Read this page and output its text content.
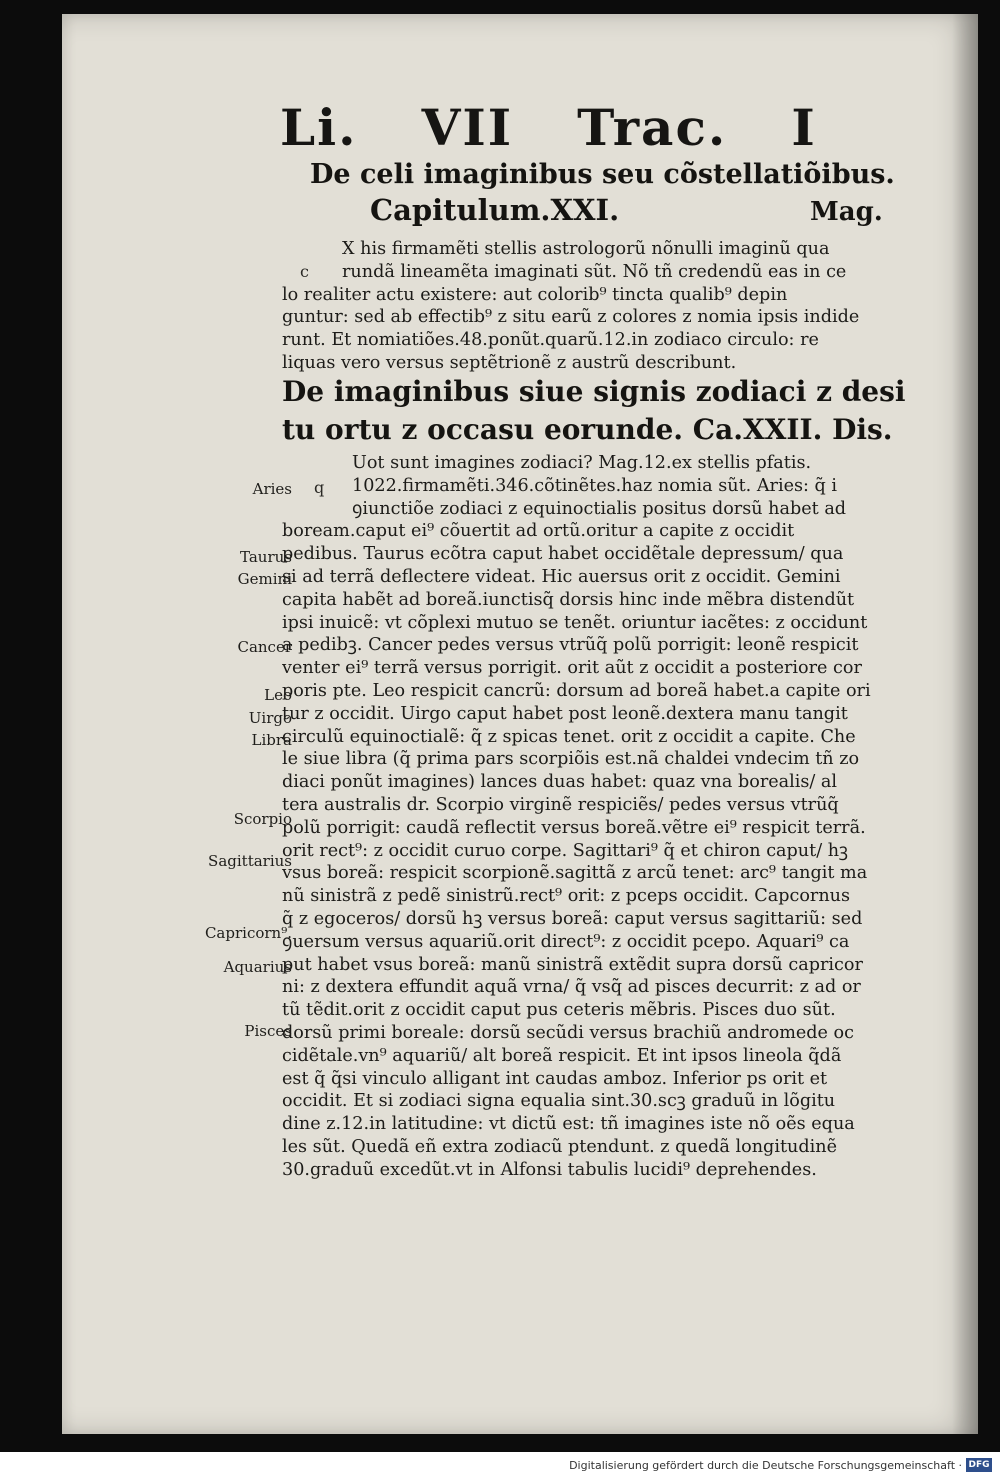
Li. VII Trac. I
De celi imaginibus seu cõstellatiõibus.
Capitulum.XXI.	Mag.
c
X his firmamẽti stellis astrologorũ nõnulli imaginũ qua
rundã lineamẽta imaginati sũt. Nõ tñ credendũ eas in ce
lo realiter actu existere: aut colorib⁹ tincta qualib⁹ depin
guntur: sed ab effectib⁹ z situ earũ z colores z nomia ipsis indide
runt. Et nomiatiões.48.ponũt.quarũ.12.in zodiaco circulo: re
liquas vero versus septẽtrionẽ z austrũ describunt.
De imaginibus siue signis zodiaci z desi
tu ortu z occasu eorunde. Ca.XXII. Dis.
q
Uot sunt imagines zodiaci? Mag.12.ex stellis pfatis.
1022.firmamẽti.346.cõtinẽtes.haz nomia sũt. Aries: q̃ i
ꝯiunctiõe zodiaci z equinoctialis positus dorsũ habet ad
boream.caput ei⁹ cõuertit ad ortũ.oritur a capite z occidit
pedibus. Taurus ecõtra caput habet occidẽtale depressum/ qua
si ad terrã deflectere videat. Hic auersus orit z occidit. Gemini
capita habẽt ad boreã.iunctisq̃ dorsis hinc inde mẽbra distendũt
ipsi inuicẽ: vt cõplexi mutuo se tenẽt. oriuntur iacẽtes: z occidunt
a pedibꝫ. Cancer pedes versus vtrũq̃ polũ porrigit: leonẽ respicit
venter ei⁹ terrã versus porrigit. orit aũt z occidit a posteriore cor
poris pte. Leo respicit cancrũ: dorsum ad boreã habet.a capite ori
tur z occidit. Uirgo caput habet post leonẽ.dextera manu tangit
circulũ equinoctialẽ: q̃ z spicas tenet. orit z occidit a capite. Che
le siue libra (q̃ prima pars scorpiõis est.nã chaldei vndecim tñ zo
diaci ponũt imagines) lances duas habet: quaz vna borealis/ al
tera australis dr. Scorpio virginẽ respiciẽs/ pedes versus vtrũq̃
polũ porrigit: caudã reflectit versus boreã.vẽtre ei⁹ respicit terrã.
orit rect⁹: z occidit curuo corpe. Sagittari⁹ q̃ et chiron caput/ hꝫ
vsus boreã: respicit scorpionẽ.sagittã z arcũ tenet: arc⁹ tangit ma
nũ sinistrã z pedẽ sinistrũ.rect⁹ orit: z pceps occidit. Capcornus
q̃ z egoceros/ dorsũ hꝫ versus boreã: caput versus sagittariũ: sed
ꝯuersum versus aquariũ.orit direct⁹: z occidit pcepo. Aquari⁹ ca
put habet vsus boreã: manũ sinistrã extẽdit supra dorsũ capricor
ni: z dextera effundit aquã vrna/ q̃ vsq̃ ad pisces decurrit: z ad or
tũ tẽdit.orit z occidit caput pus ceteris mẽbris. Pisces duo sũt.
dorsũ primi boreale: dorsũ secũdi versus brachiũ andromede oc
cidẽtale.vn⁹ aquariũ/ alt boreã respicit. Et int ipsos lineola q̃dã
est q̃ q̃si vinculo alligant int caudas amboz. Inferior ps orit et
occidit. Et si zodiaci signa equalia sint.30.scꝫ graduũ in lõgitu
dine z.12.in latitudine: vt dictũ est: tñ imagines iste nõ oẽs equa
les sũt. Quedã eñ extra zodiacũ ptendunt. z quedã longitudinẽ
30.graduũ excedũt.vt in Alfonsi tabulis lucidi⁹ deprehendes.
Aries
Taurus
Gemini
Cancer
Leo
Uirgo
Libra
Scorpio
Sagittarius
Capricorn⁹.
Aquarius
Pisces
Digitalisierung gefördert durch die Deutsche Forschungsgemeinschaft · DFG
